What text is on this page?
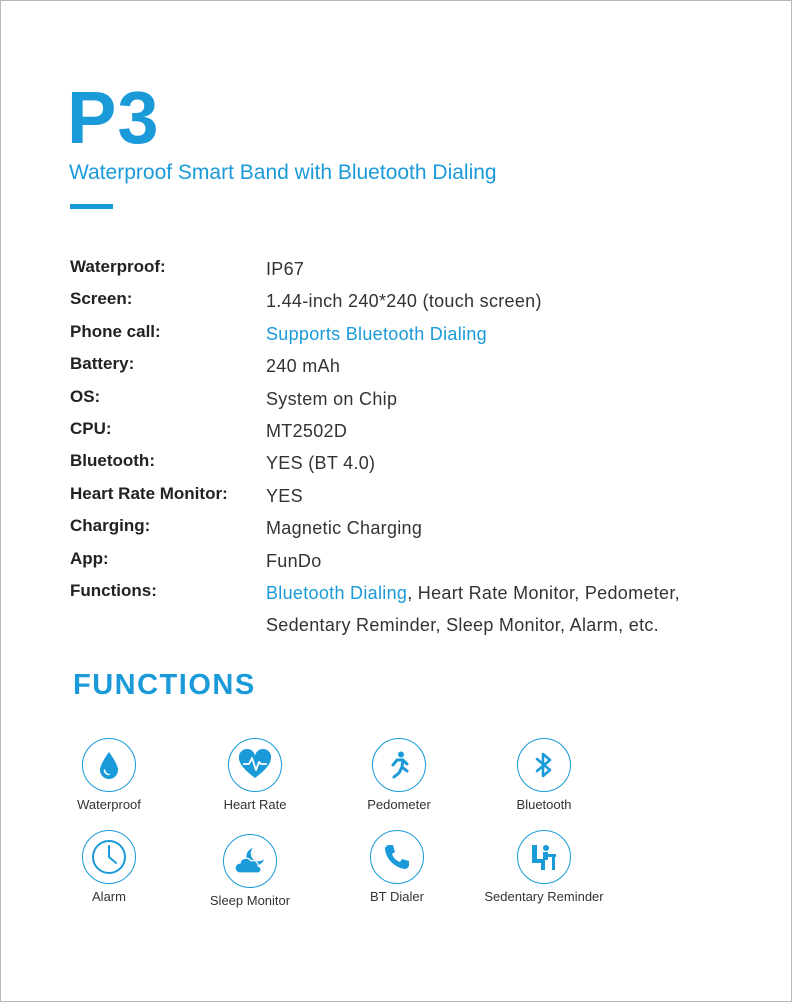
P3
Waterproof Smart Band with Bluetooth Dialing
Waterproof:	IP67
Screen:	1.44-inch 240*240 (touch screen)
Phone call:	Supports Bluetooth Dialing
Battery:	240 mAh
OS:	System on Chip
CPU:	MT2502D
Bluetooth:	YES (BT 4.0)
Heart Rate Monitor:	YES
Charging:	Magnetic Charging
App:	FunDo
Functions:	Bluetooth Dialing, Heart Rate Monitor, Pedometer,
Sedentary Reminder, Sleep Monitor, Alarm, etc.
FUNCTIONS
Waterproof	Heart Rate	Pedometer	Bluetooth
Alarm	Sleep Monitor	BT Dialer	Sedentary Reminder
